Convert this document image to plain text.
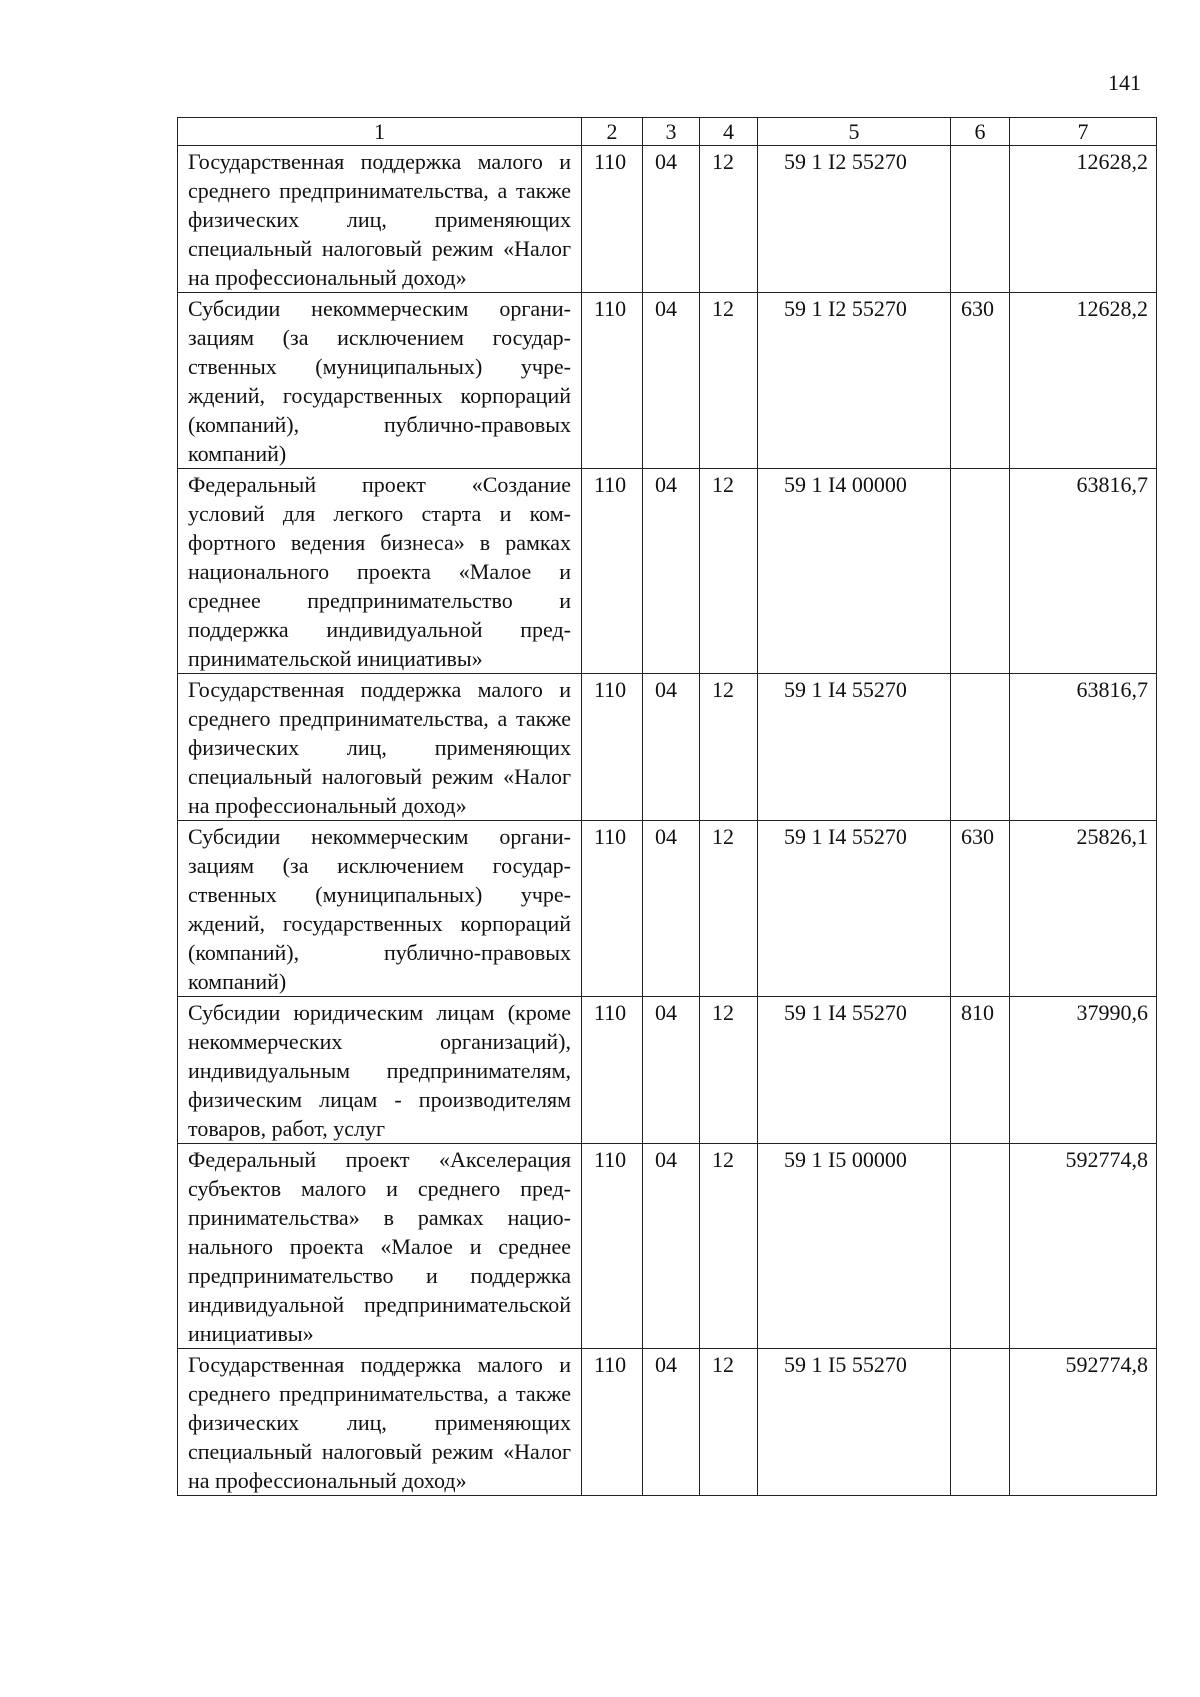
141
1	2	3	4	5	6	7
Государственная поддержка малого и среднего предпринимательства, а также физических лиц, применяющих специальный налоговый режим «Налог на профессиональный доход»	110	04	12	59 1 I2 55270		12628,2
Субсидии некоммерческим организациям (за исключением государственных (муниципальных) учреждений, государственных корпораций (компаний), публично-правовых компаний)	110	04	12	59 1 I2 55270	630	12628,2
Федеральный проект «Создание условий для легкого старта и комфортного ведения бизнеса» в рамках национального проекта «Малое и среднее предпринимательство и поддержка индивидуальной предпринимательской инициативы»	110	04	12	59 1 I4 00000		63816,7
Государственная поддержка малого и среднего предпринимательства, а также физических лиц, применяющих специальный налоговый режим «Налог на профессиональный доход»	110	04	12	59 1 I4 55270		63816,7
Субсидии некоммерческим организациям (за исключением государственных (муниципальных) учреждений, государственных корпораций (компаний), публично-правовых компаний)	110	04	12	59 1 I4 55270	630	25826,1
Субсидии юридическим лицам (кроме некоммерческих организаций), индивидуальным предпринимателям, физическим лицам - производителям товаров, работ, услуг	110	04	12	59 1 I4 55270	810	37990,6
Федеральный проект «Акселерация субъектов малого и среднего предпринимательства» в рамках национального проекта «Малое и среднее предпринимательство и поддержка индивидуальной предпринимательской инициативы»	110	04	12	59 1 I5 00000		592774,8
Государственная поддержка малого и среднего предпринимательства, а также физических лиц, применяющих специальный налоговый режим «Налог на профессиональный доход»	110	04	12	59 1 I5 55270		592774,8
